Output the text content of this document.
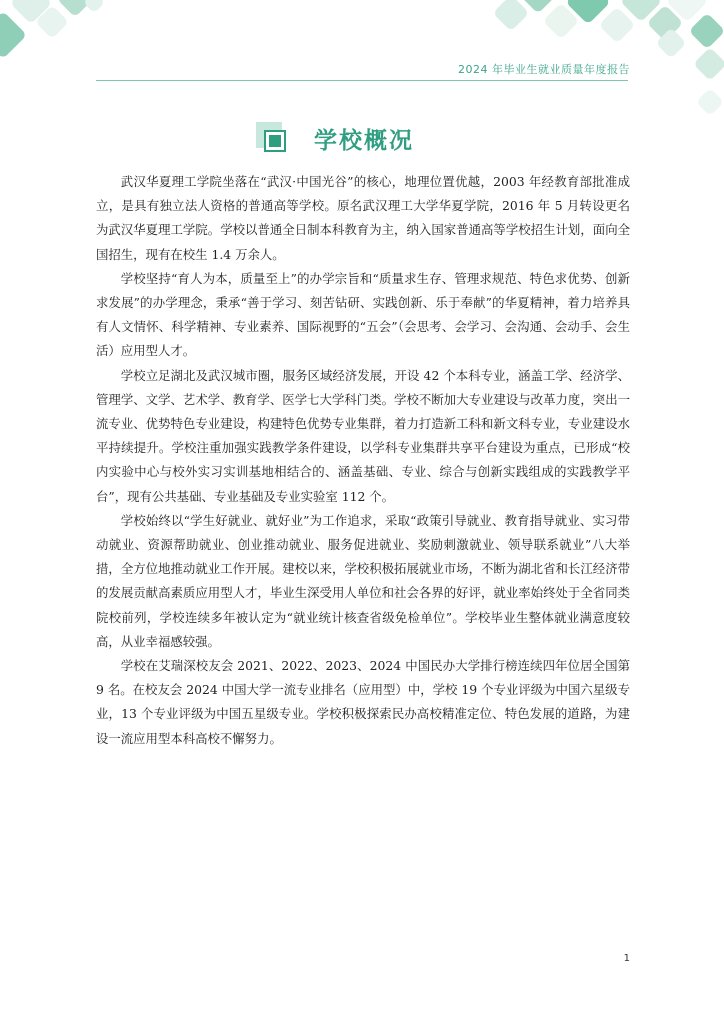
2024 年毕业生就业质量年度报告
学校概况

武汉华夏理工学院坐落在“武汉·中国光谷”的核心，地理位置优越，2003 年经教育部批准成立，是具有独立法人资格的普通高等学校。原名武汉理工大学华夏学院，2016 年 5 月转设更名为武汉华夏理工学院。学校以普通全日制本科教育为主，纳入国家普通高等学校招生计划，面向全国招生，现有在校生 1.4 万余人。

学校坚持“育人为本，质量至上”的办学宗旨和“质量求生存、管理求规范、特色求优势、创新求发展”的办学理念，秉承“善于学习、刻苦钻研、实践创新、乐于奉献”的华夏精神，着力培养具有人文情怀、科学精神、专业素养、国际视野的“五会”（会思考、会学习、会沟通、会动手、会生活）应用型人才。

学校立足湖北及武汉城市圈，服务区域经济发展，开设 42 个本科专业，涵盖工学、经济学、管理学、文学、艺术学、教育学、医学七大学科门类。学校不断加大专业建设与改革力度，突出一流专业、优势特色专业建设，构建特色优势专业集群，着力打造新工科和新文科专业，专业建设水平持续提升。学校注重加强实践教学条件建设，以学科专业集群共享平台建设为重点，已形成“校内实验中心与校外实习实训基地相结合的、涵盖基础、专业、综合与创新实践组成的实践教学平台”，现有公共基础、专业基础及专业实验室 112 个。

学校始终以“学生好就业、就好业”为工作追求，采取“政策引导就业、教育指导就业、实习带动就业、资源帮助就业、创业推动就业、服务促进就业、奖励刺激就业、领导联系就业”八大举措，全方位地推动就业工作开展。建校以来，学校积极拓展就业市场，不断为湖北省和长江经济带的发展贡献高素质应用型人才，毕业生深受用人单位和社会各界的好评，就业率始终处于全省同类院校前列，学校连续多年被认定为“就业统计核查省级免检单位”。学校毕业生整体就业满意度较高，从业幸福感较强。

学校在艾瑞深校友会 2021、2022、2023、2024 中国民办大学排行榜连续四年位居全国第 9 名。在校友会 2024 中国大学一流专业排名（应用型）中，学校 19 个专业评级为中国六星级专业，13 个专业评级为中国五星级专业。学校积极探索民办高校精准定位、特色发展的道路，为建设一流应用型本科高校不懈努力。

1
